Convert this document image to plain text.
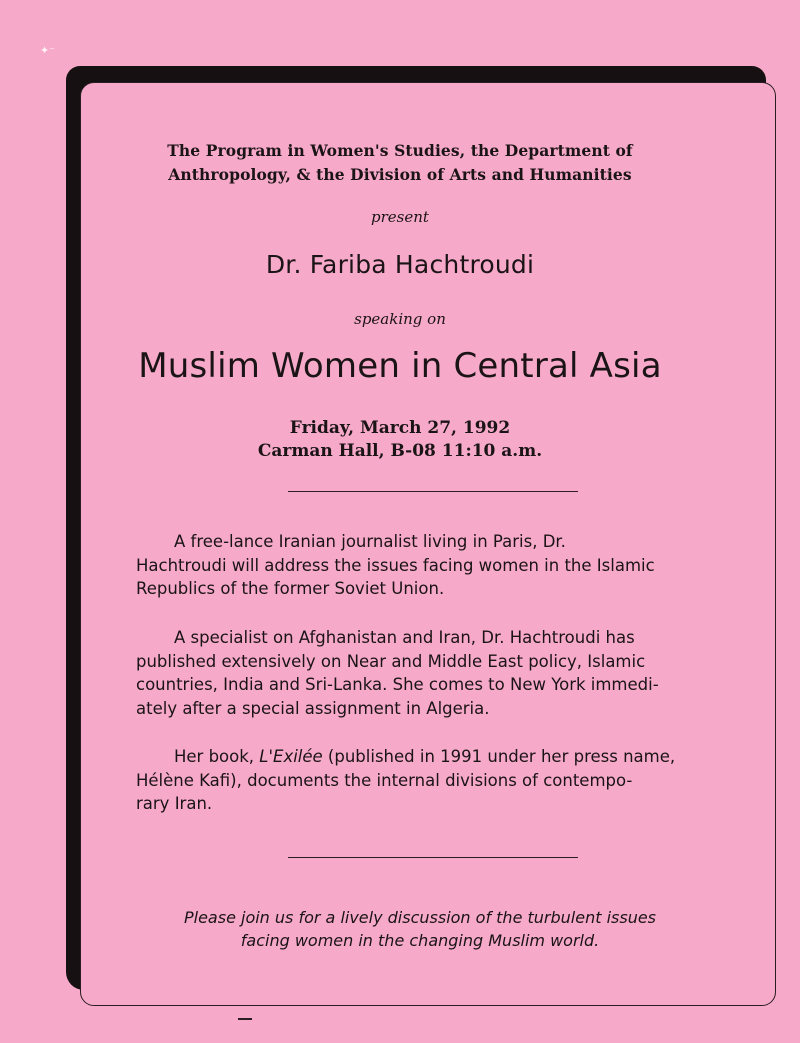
✦⁻
The Program in Women's Studies, the Department of
Anthropology, & the Division of Arts and Humanities
present
Dr. Fariba Hachtroudi
speaking on
Muslim Women in Central Asia
Friday, March 27, 1992
Carman Hall, B-08 11:10 a.m.
A free-lance Iranian journalist living in Paris, Dr.
Hachtroudi will address the issues facing women in the Islamic
Republics of the former Soviet Union.
A specialist on Afghanistan and Iran, Dr. Hachtroudi has
published extensively on Near and Middle East policy, Islamic
countries, India and Sri-Lanka. She comes to New York immedi-
ately after a special assignment in Algeria.
Her book, L'Exilée (published in 1991 under her press name,
Hélène Kafi), documents the internal divisions of contempo-
rary Iran.
Please join us for a lively discussion of the turbulent issues
facing women in the changing Muslim world.
